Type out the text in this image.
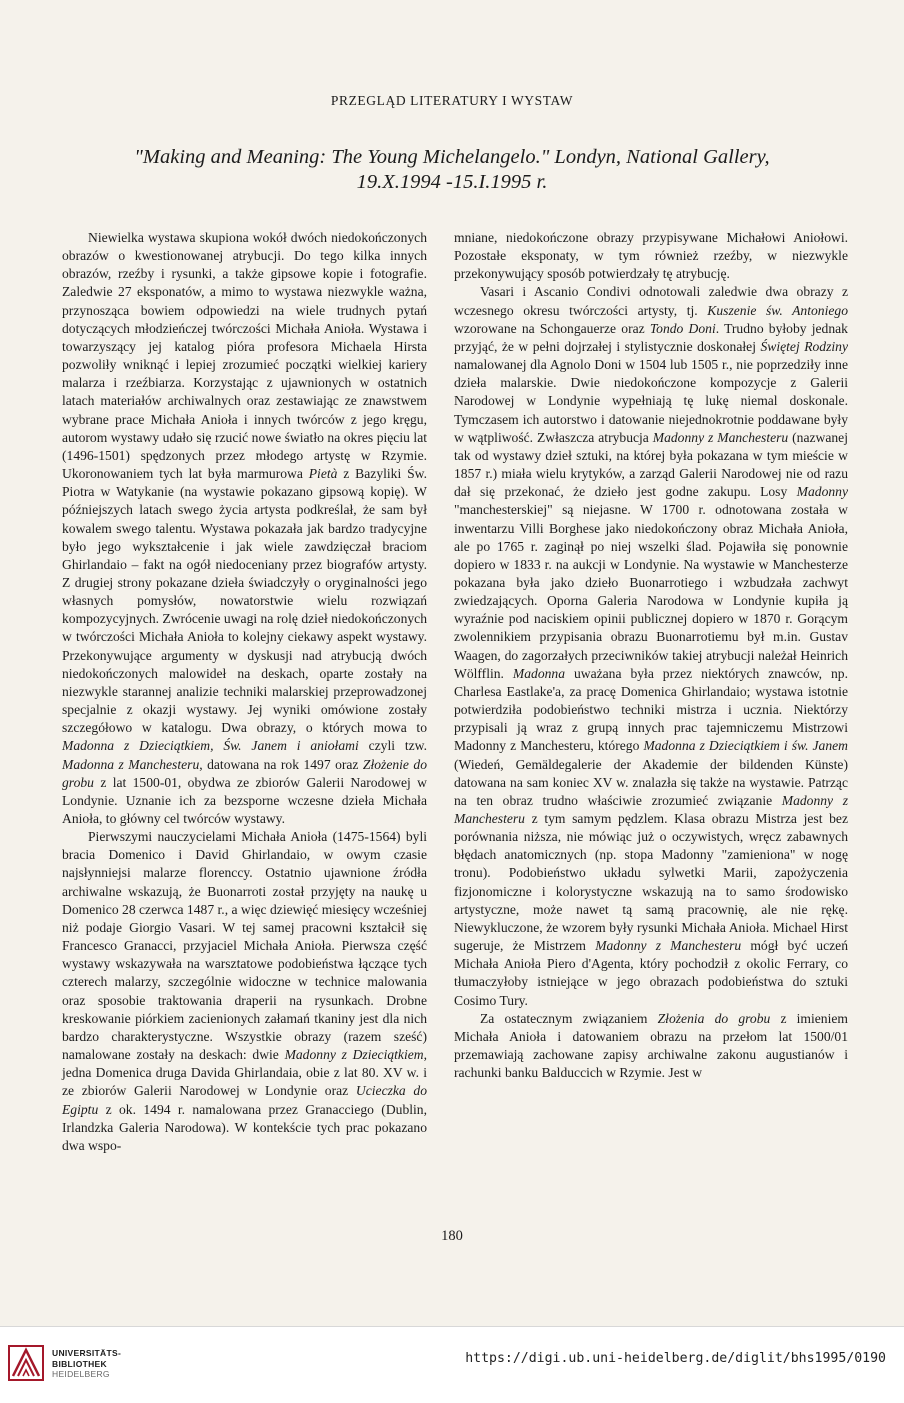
PRZEGLĄD LITERATURY I WYSTAW
"Making and Meaning: The Young Michelangelo." Londyn, National Gallery,
19.X.1994 -15.I.1995 r.

Niewielka wystawa skupiona wokół dwóch niedokończonych obrazów o kwestionowanej atrybucji. Do tego kilka innych obrazów, rzeźby i rysunki, a także gipsowe kopie i fotografie. Zaledwie 27 eksponatów, a mimo to wystawa niezwykle ważna, przynosząca bowiem odpowiedzi na wiele trudnych pytań dotyczących młodzieńczej twórczości Michała Anioła. Wystawa i towarzyszący jej katalog pióra profesora Michaela Hirsta pozwoliły wniknąć i lepiej zrozumieć początki wielkiej kariery malarza i rzeźbiarza. Korzystając z ujawnionych w ostatnich latach materiałów archiwalnych oraz zestawiając ze znawstwem wybrane prace Michała Anioła i innych twórców z jego kręgu, autorom wystawy udało się rzucić nowe światło na okres pięciu lat (1496-1501) spędzonych przez młodego artystę w Rzymie. Ukoronowaniem tych lat była marmurowa Pietà z Bazyliki Św. Piotra w Watykanie (na wystawie pokazano gipsową kopię). W późniejszych latach swego życia artysta podkreślał, że sam był kowalem swego talentu. Wystawa pokazała jak bardzo tradycyjne było jego wykształcenie i jak wiele zawdzięczał braciom Ghirlandaio – fakt na ogół niedoceniany przez biografów artysty. Z drugiej strony pokazane dzieła świadczyły o oryginalności jego własnych pomysłów, nowatorstwie wielu rozwiązań kompozycyjnych. Zwrócenie uwagi na rolę dzieł niedokończonych w twórczości Michała Anioła to kolejny ciekawy aspekt wystawy. Przekonywujące argumenty w dyskusji nad atrybucją dwóch niedokończonych malowideł na deskach, oparte zostały na niezwykle starannej analizie techniki malarskiej przeprowadzonej specjalnie z okazji wystawy. Jej wyniki omówione zostały szczegółowo w katalogu. Dwa obrazy, o których mowa to Madonna z Dzieciątkiem, Św. Janem i aniołami czyli tzw. Madonna z Manchesteru, datowana na rok 1497 oraz Złożenie do grobu z lat 1500-01, obydwa ze zbiorów Galerii Narodowej w Londynie. Uznanie ich za bezsporne wczesne dzieła Michała Anioła, to główny cel twórców wystawy.

Pierwszymi nauczycielami Michała Anioła (1475-1564) byli bracia Domenico i David Ghirlandaio, w owym czasie najsłynniejsi malarze florenccy. Ostatnio ujawnione źródła archiwalne wskazują, że Buonarroti został przyjęty na naukę u Domenico 28 czerwca 1487 r., a więc dziewięć miesięcy wcześniej niż podaje Giorgio Vasari. W tej samej pracowni kształcił się Francesco Granacci, przyjaciel Michała Anioła. Pierwsza część wystawy wskazywała na warsztatowe podobieństwa łączące tych czterech malarzy, szczególnie widoczne w technice malowania oraz sposobie traktowania draperii na rysunkach. Drobne kreskowanie piórkiem zacienionych załamań tkaniny jest dla nich bardzo charakterystyczne. Wszystkie obrazy (razem sześć) namalowane zostały na deskach: dwie Madonny z Dzieciątkiem, jedna Domenica druga Davida Ghirlandaia, obie z lat 80. XV w. i ze zbiorów Galerii Narodowej w Londynie oraz Ucieczka do Egiptu z ok. 1494 r. namalowana przez Granacciego (Dublin, Irlandzka Galeria Narodowa). W kontekście tych prac pokazano dwa wspo-

mniane, niedokończone obrazy przypisywane Michałowi Aniołowi. Pozostałe eksponaty, w tym również rzeźby, w niezwykle przekonywujący sposób potwierdzały tę atrybucję.

Vasari i Ascanio Condivi odnotowali zaledwie dwa obrazy z wczesnego okresu twórczości artysty, tj. Kuszenie św. Antoniego wzorowane na Schongauerze oraz Tondo Doni. Trudno byłoby jednak przyjąć, że w pełni dojrzałej i stylistycznie doskonałej Świętej Rodziny namalowanej dla Agnolo Doni w 1504 lub 1505 r., nie poprzedziły inne dzieła malarskie. Dwie niedokończone kompozycje z Galerii Narodowej w Londynie wypełniają tę lukę niemal doskonale. Tymczasem ich autorstwo i datowanie niejednokrotnie poddawane były w wątpliwość. Zwłaszcza atrybucja Madonny z Manchesteru (nazwanej tak od wystawy dzieł sztuki, na której była pokazana w tym mieście w 1857 r.) miała wielu krytyków, a zarząd Galerii Narodowej nie od razu dał się przekonać, że dzieło jest godne zakupu. Losy Madonny "manchesterskiej" są niejasne. W 1700 r. odnotowana została w inwentarzu Villi Borghese jako niedokończony obraz Michała Anioła, ale po 1765 r. zaginął po niej wszelki ślad. Pojawiła się ponownie dopiero w 1833 r. na aukcji w Londynie. Na wystawie w Manchesterze pokazana była jako dzieło Buonarrotiego i wzbudzała zachwyt zwiedzających. Oporna Galeria Narodowa w Londynie kupiła ją wyraźnie pod naciskiem opinii publicznej dopiero w 1870 r. Gorącym zwolennikiem przypisania obrazu Buonarrotiemu był m.in. Gustav Waagen, do zagorzałych przeciwników takiej atrybucji należał Heinrich Wölfflin. Madonna uważana była przez niektórych znawców, np. Charlesa Eastlake'a, za pracę Domenica Ghirlandaio; wystawa istotnie potwierdziła podobieństwo techniki mistrza i ucznia. Niektórzy przypisali ją wraz z grupą innych prac tajemniczemu Mistrzowi Madonny z Manchesteru, którego Madonna z Dzieciątkiem i św. Janem (Wiedeń, Gemäldegalerie der Akademie der bildenden Künste) datowana na sam koniec XV w. znalazła się także na wystawie. Patrząc na ten obraz trudno właściwie zrozumieć związanie Madonny z Manchesteru z tym samym pędzlem. Klasa obrazu Mistrza jest bez porównania niższa, nie mówiąc już o oczywistych, wręcz zabawnych błędach anatomicznych (np. stopa Madonny "zamieniona" w nogę tronu). Podobieństwo układu sylwetki Marii, zapożyczenia fizjonomiczne i kolorystyczne wskazują na to samo środowisko artystyczne, może nawet tą samą pracownię, ale nie rękę. Niewykluczone, że wzorem były rysunki Michała Anioła. Michael Hirst sugeruje, że Mistrzem Madonny z Manchesteru mógł być uczeń Michała Anioła Piero d'Agenta, który pochodził z okolic Ferrary, co tłumaczyłoby istniejące w jego obrazach podobieństwa do sztuki Cosimo Tury.

Za ostatecznym związaniem Złożenia do grobu z imieniem Michała Anioła i datowaniem obrazu na przełom lat 1500/01 przemawiają zachowane zapisy archiwalne zakonu augustianów i rachunki banku Balduccich w Rzymie. Jest w

180
UNIVERSITÄTS-
BIBLIOTHEK
HEIDELBERG
https://digi.ub.uni-heidelberg.de/diglit/bhs1995/0190
